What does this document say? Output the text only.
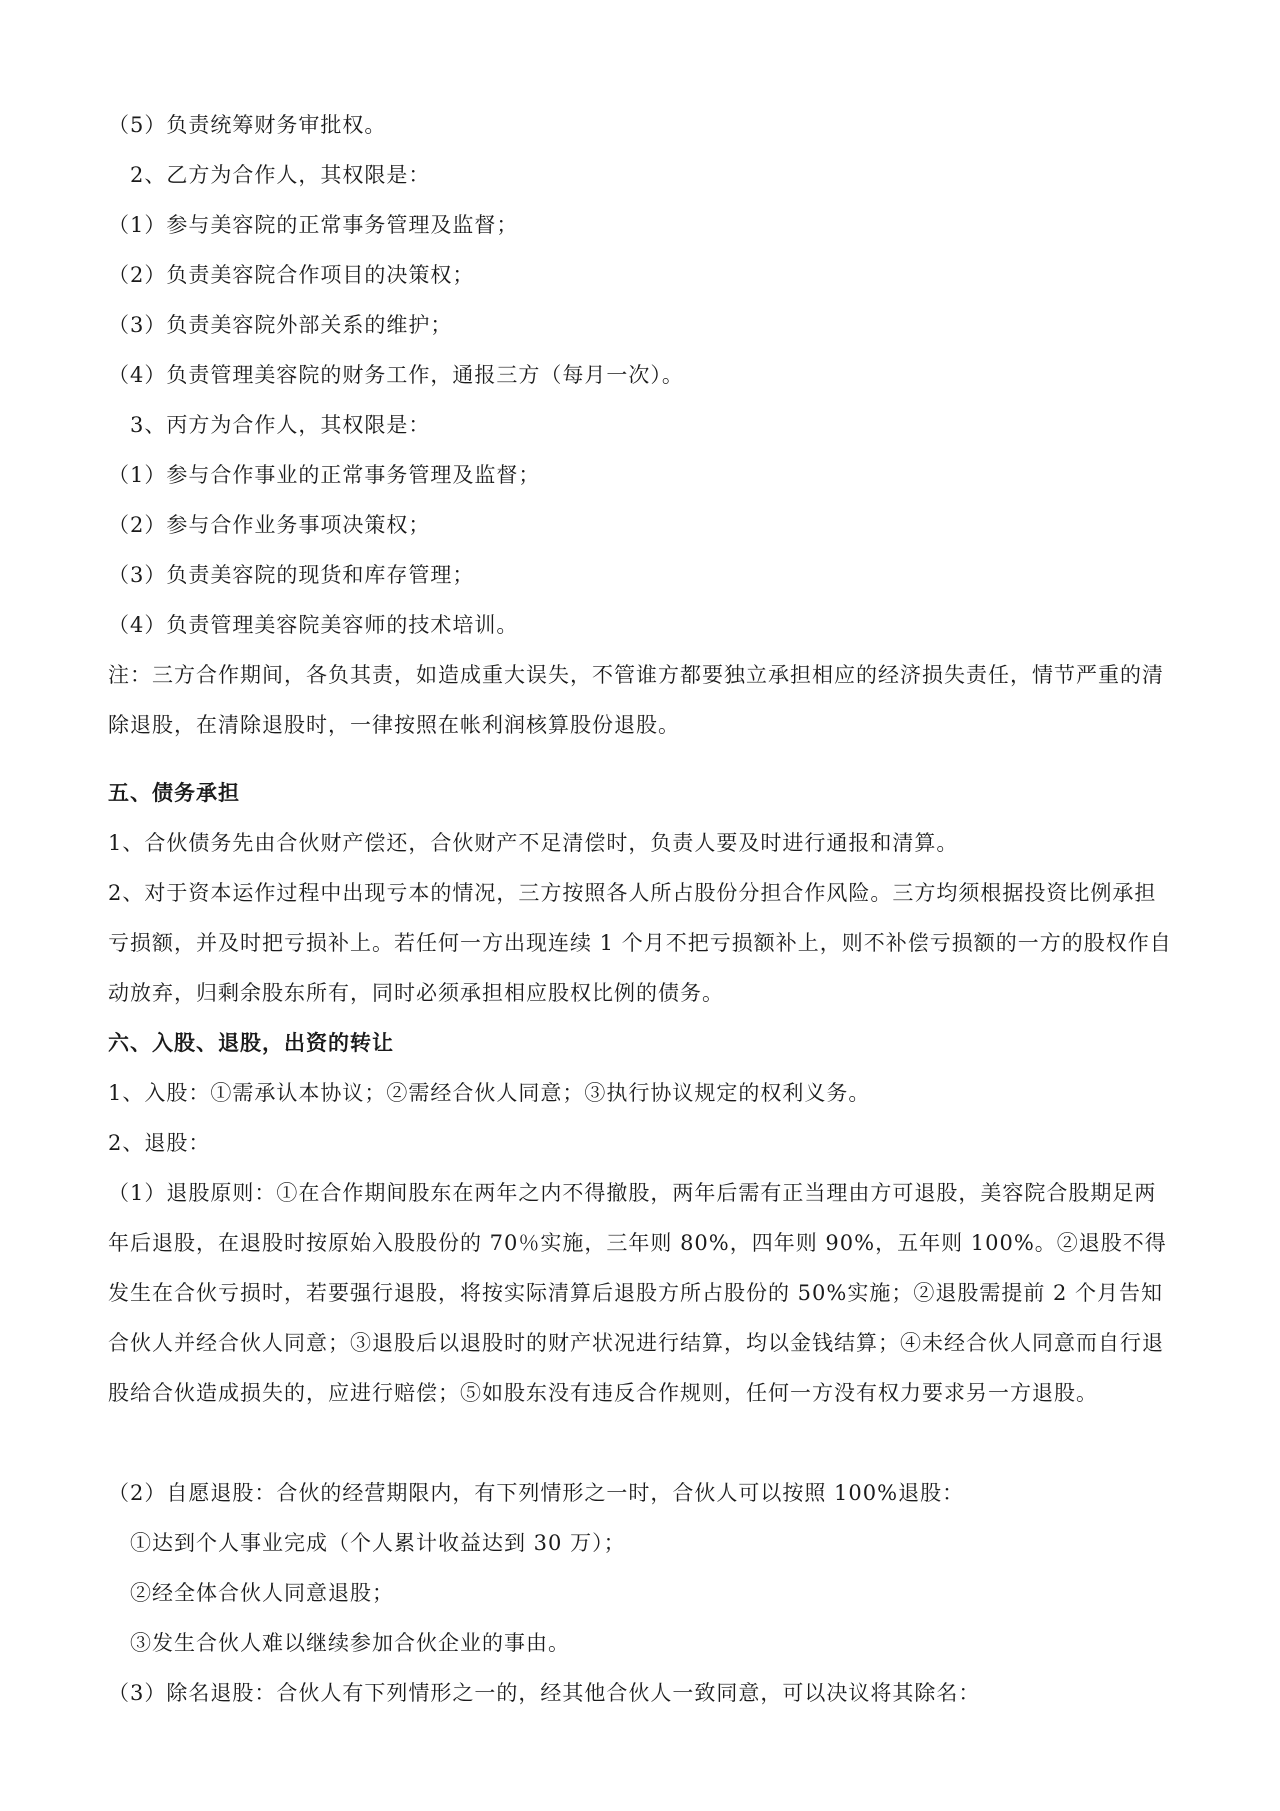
（5）负责统筹财务审批权。
2、乙方为合作人，其权限是：
（1）参与美容院的正常事务管理及监督；
（2）负责美容院合作项目的决策权；
（3）负责美容院外部关系的维护；
（4）负责管理美容院的财务工作，通报三方（每月一次）。
3、丙方为合作人，其权限是：
（1）参与合作事业的正常事务管理及监督；
（2）参与合作业务事项决策权；
（3）负责美容院的现货和库存管理；
（4）负责管理美容院美容师的技术培训。
注：三方合作期间，各负其责，如造成重大误失，不管谁方都要独立承担相应的经济损失责任，情节严重的清除退股，在清除退股时，一律按照在帐利润核算股份退股。
五、债务承担
1、合伙债务先由合伙财产偿还，合伙财产不足清偿时，负责人要及时进行通报和清算。
2、对于资本运作过程中出现亏本的情况，三方按照各人所占股份分担合作风险。三方均须根据投资比例承担亏损额，并及时把亏损补上。若任何一方出现连续 1 个月不把亏损额补上，则不补偿亏损额的一方的股权作自动放弃，归剩余股东所有，同时必须承担相应股权比例的债务。
六、入股、退股，出资的转让
1、入股：①需承认本协议；②需经合伙人同意；③执行协议规定的权利义务。
2、退股：
（1）退股原则：①在合作期间股东在两年之内不得撤股，两年后需有正当理由方可退股，美容院合股期足两年后退股，在退股时按原始入股股份的 70％实施，三年则 80%，四年则 90%，五年则 100%。②退股不得发生在合伙亏损时，若要强行退股，将按实际清算后退股方所占股份的 50%实施；②退股需提前 2 个月告知合伙人并经合伙人同意；③退股后以退股时的财产状况进行结算，均以金钱结算；④未经合伙人同意而自行退股给合伙造成损失的，应进行赔偿；⑤如股东没有违反合作规则，任何一方没有权力要求另一方退股。
（2）自愿退股：合伙的经营期限内，有下列情形之一时，合伙人可以按照 100%退股：
①达到个人事业完成（个人累计收益达到 30 万）；
②经全体合伙人同意退股；
③发生合伙人难以继续参加合伙企业的事由。
（3）除名退股：合伙人有下列情形之一的，经其他合伙人一致同意，可以决议将其除名：
